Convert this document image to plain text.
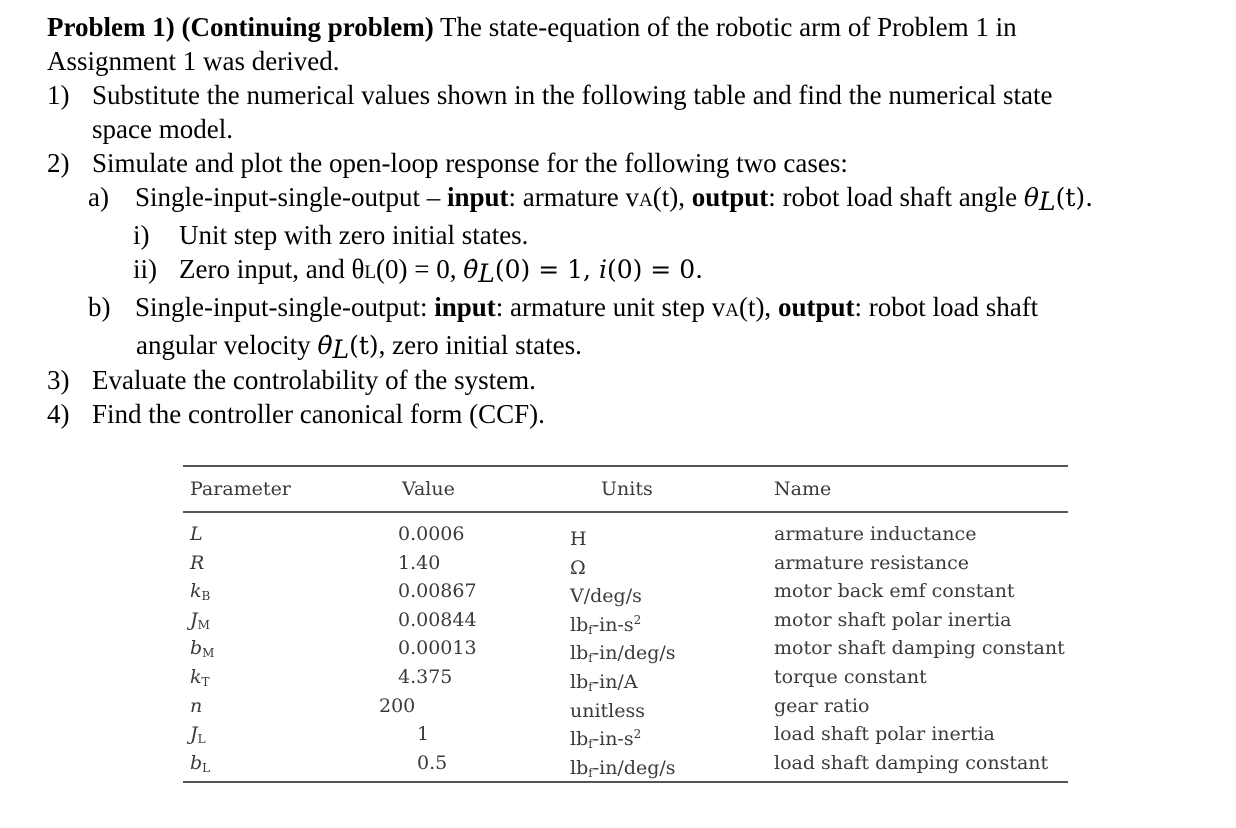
Problem 1) (Continuing problem) The state-equation of the robotic arm of Problem 1 in
Assignment 1 was derived.
1) Substitute the numerical values shown in the following table and find the numerical state
space model.
2) Simulate and plot the open-loop response for the following two cases:
a) Single-input-single-output – input: armature vA(t), output: robot load shaft angle $\theta_L(t)$.
i) Unit step with zero initial states.
ii) Zero input, and θL(0) = 0, $\thetȧ_L(0) = 1$, 𝑖(0) = 0.
b) Single-input-single-output: input: armature unit step vA(t), output: robot load shaft
angular velocity $\thetȧ_L(t)$, zero initial states.
3) Evaluate the controlability of the system.
4) Find the controller canonical form (CCF).
Parameter	Value	Units	Name
L	0.0006	H	armature inductance
R	1.40	Ω	armature resistance
kB	0.00867	V/deg/s	motor back emf constant
JM	0.00844	lbf-$in-s^2$	motor shaft polar inertia
bM	0.00013	lbf-in/deg/s	motor shaft damping constant
kT	4.375	lbf-in/A	torque constant
n	200	unitless	gear ratio
JL	1	lbf-$in-s^2$	load shaft polar inertia
bL	0.5	lbf-in/deg/s	load shaft damping constant
